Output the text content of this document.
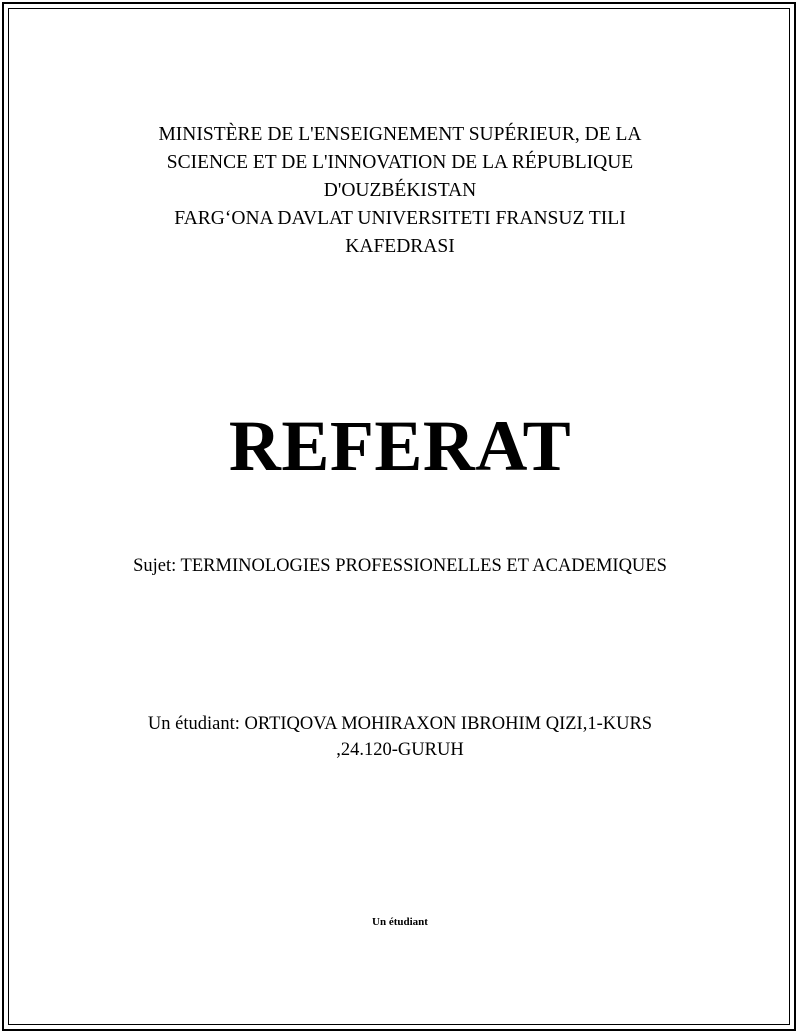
MINISTÈRE DE L'ENSEIGNEMENT SUPÉRIEUR, DE LA
SCIENCE ET DE L'INNOVATION DE LA RÉPUBLIQUE
D'OUZBÉKISTAN
FARG‘ONA DAVLAT UNIVERSITETI FRANSUZ TILI
KAFEDRASI
REFERAT
Sujet: TERMINOLOGIES PROFESSIONELLES ET ACADEMIQUES
Un étudiant: ORTIQOVA MOHIRAXON IBROHIM QIZI,1-KURS
,24.120-GURUH
Un étudiant
